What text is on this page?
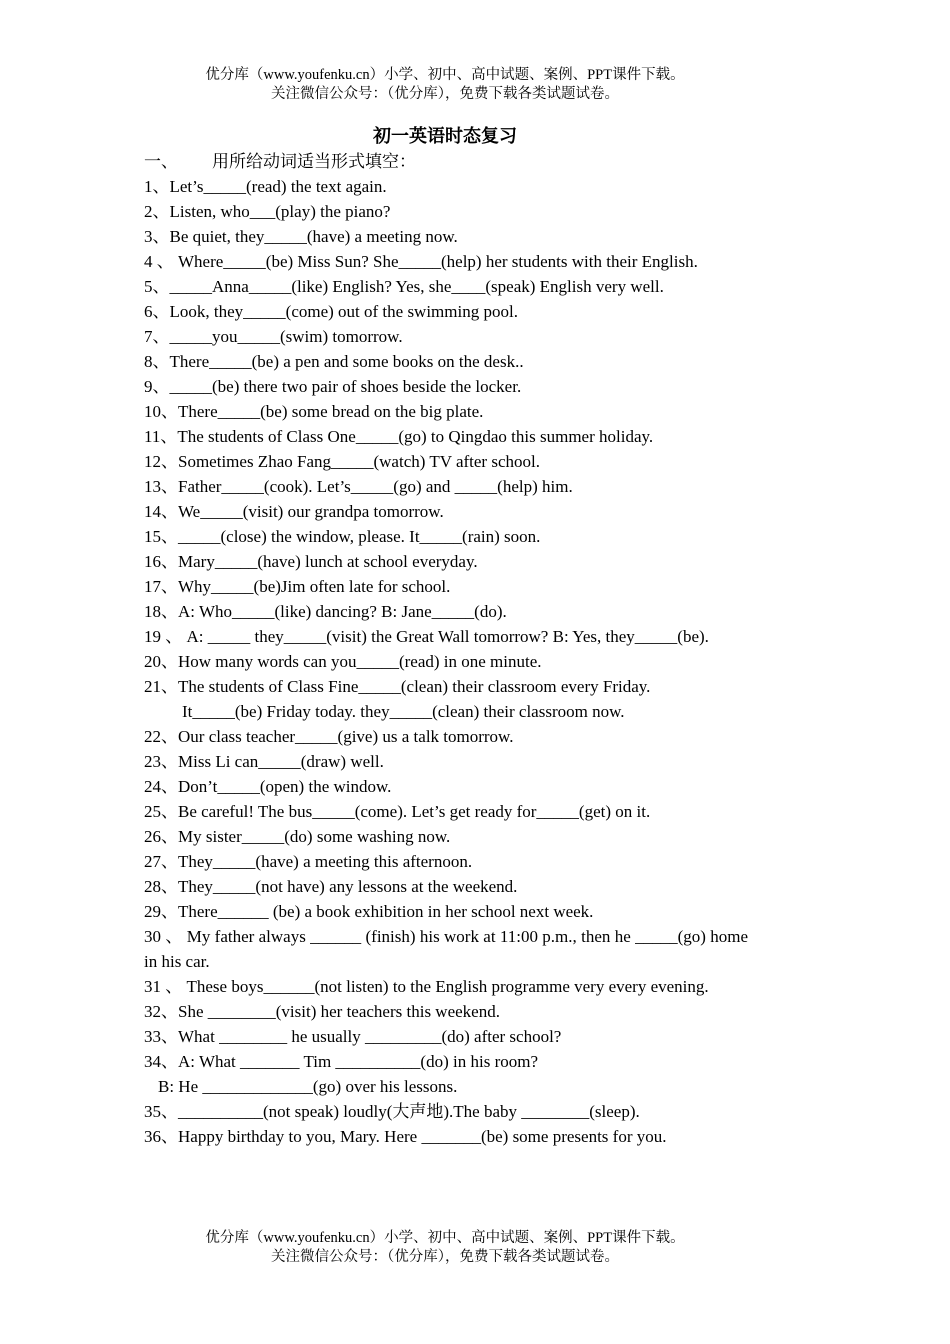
优分库（www.youfenku.cn）小学、初中、高中试题、案例、PPT课件下载。
关注微信公众号：（优分库），免费下载各类试题试卷。
初一英语时态复习
一、 用所给动词适当形式填空：
1、Let’s_____(read) the text again.
2、Listen, who___(play) the piano?
3、Be quiet, they_____(have) a meeting now.
4 、 Where_____(be) Miss Sun? She_____(help) her students with their English.
5、_____Anna_____(like) English? Yes, she____(speak) English very well.
6、Look, they_____(come) out of the swimming pool.
7、_____you_____(swim) tomorrow.
8、There_____(be) a pen and some books on the desk..
9、_____(be) there two pair of shoes beside the locker.
10、There_____(be) some bread on the big plate.
11、The students of Class One_____(go) to Qingdao this summer holiday.
12、Sometimes Zhao Fang_____(watch) TV after school.
13、Father_____(cook). Let’s_____(go) and _____(help) him.
14、We_____(visit) our grandpa tomorrow.
15、_____(close) the window, please. It_____(rain) soon.
16、Mary_____(have) lunch at school everyday.
17、Why_____(be)Jim often late for school.
18、A: Who_____(like) dancing? B: Jane_____(do).
19 、 A: _____ they_____(visit) the Great Wall tomorrow? B: Yes, they_____(be).
20、How many words can you_____(read) in one minute.
21、The students of Class Fine_____(clean) their classroom every Friday.
It_____(be) Friday today. they_____(clean) their classroom now.
22、Our class teacher_____(give) us a talk tomorrow.
23、Miss Li can_____(draw) well.
24、Don’t_____(open) the window.
25、Be careful! The bus_____(come). Let’s get ready for_____(get) on it.
26、My sister_____(do) some washing now.
27、They_____(have) a meeting this afternoon.
28、They_____(not have) any lessons at the weekend.
29、There______ (be) a book exhibition in her school next week.
30 、 My father always ______ (finish) his work at 11:00 p.m., then he _____(go) home in his car.
31 、 These boys______(not listen) to the English programme very every evening.
32、She ________(visit) her teachers this weekend.
33、What ________ he usually _________(do) after school?
34、A: What _______ Tim __________(do) in his room?
B: He _____________(go) over his lessons.
35、__________(not speak) loudly(大声地).The baby ________(sleep).
36、Happy birthday to you, Mary. Here _______(be) some presents for you.
优分库（www.youfenku.cn）小学、初中、高中试题、案例、PPT课件下载。
关注微信公众号：（优分库），免费下载各类试题试卷。
